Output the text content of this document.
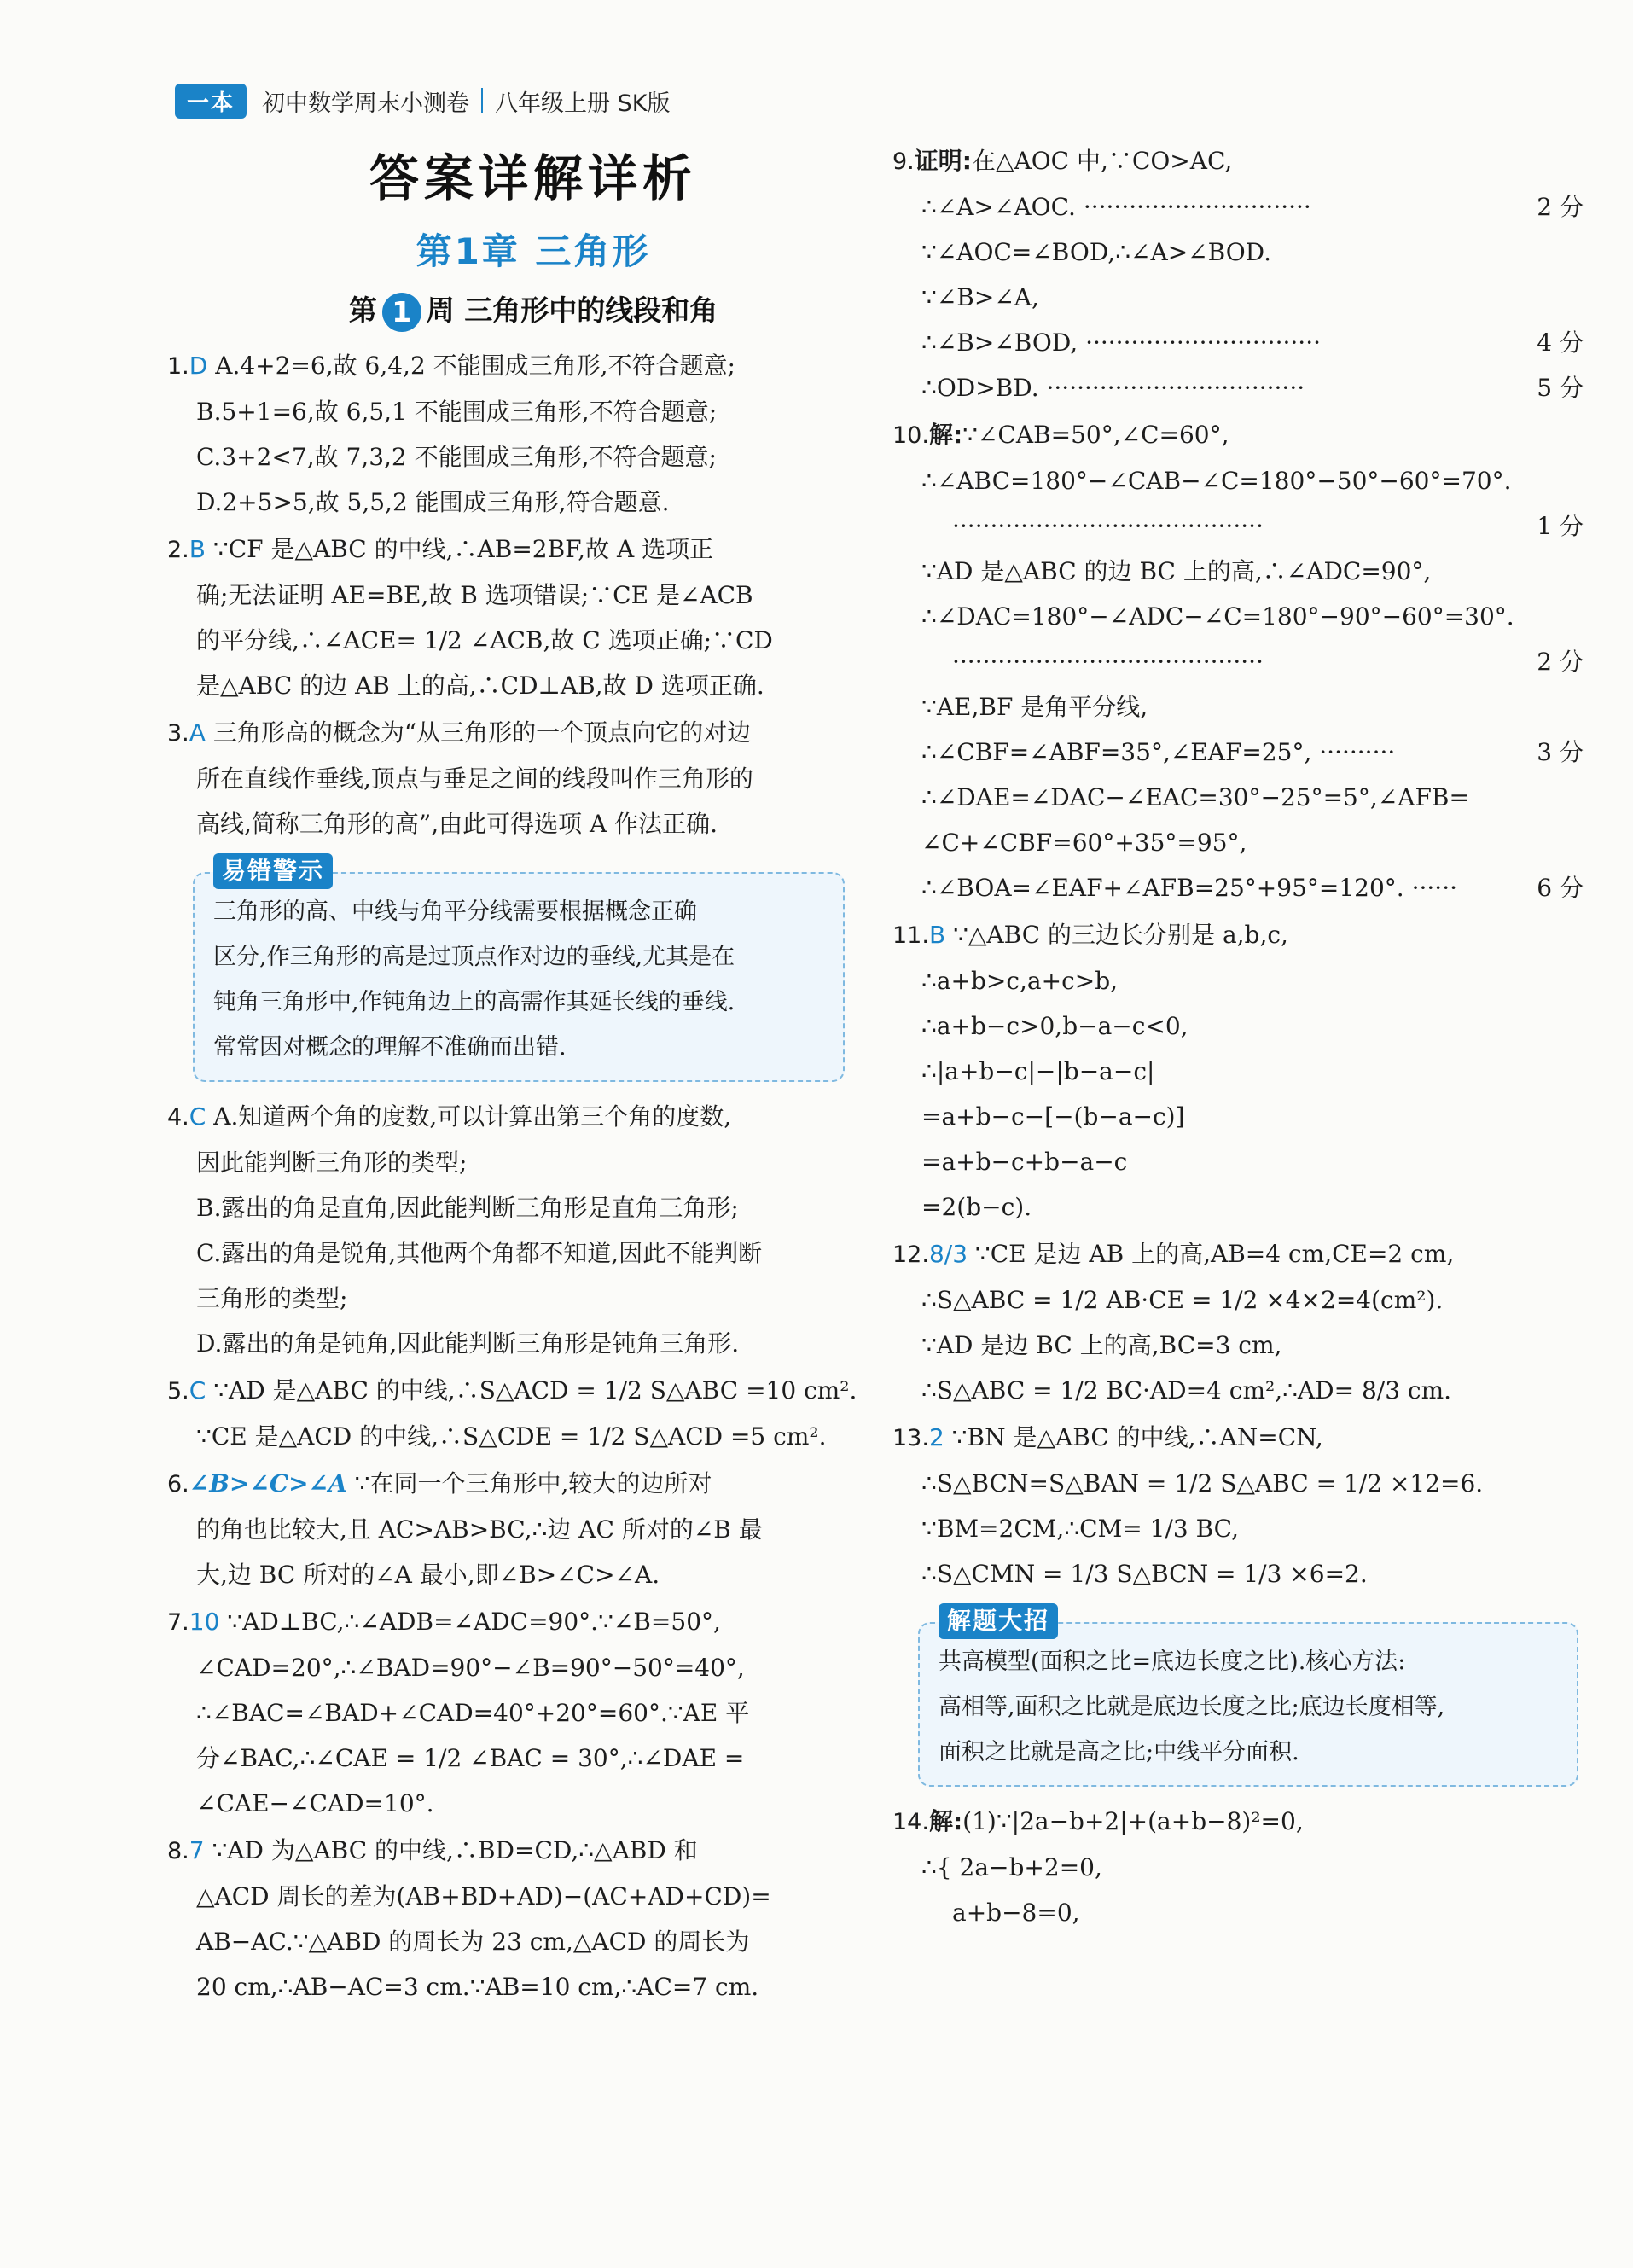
一本	初中数学周末小测卷 八年级上册 SK版
答案详解详析
第1章 三角形
第 1 周 三角形中的线段和角
1.D A.4+2=6,故 6,4,2 不能围成三角形,不符合题意;
B.5+1=6,故 6,5,1 不能围成三角形,不符合题意;
C.3+2<7,故 7,3,2 不能围成三角形,不符合题意;
D.2+5>5,故 5,5,2 能围成三角形,符合题意.
2.B ∵CF 是△ABC 的中线,∴AB=2BF,故 A 选项正
确;无法证明 AE=BE,故 B 选项错误;∵CE 是∠ACB
的平分线,∴∠ACE= 1/2 ∠ACB,故 C 选项正确;∵CD
是△ABC 的边 AB 上的高,∴CD⊥AB,故 D 选项正确.
3.A 三角形高的概念为“从三角形的一个顶点向它的对边
所在直线作垂线,顶点与垂足之间的线段叫作三角形的
高线,简称三角形的高”,由此可得选项 A 作法正确.
易错警示
三角形的高、中线与角平分线需要根据概念正确
区分,作三角形的高是过顶点作对边的垂线,尤其是在
钝角三角形中,作钝角边上的高需作其延长线的垂线.
常常因对概念的理解不准确而出错.
4.C A.知道两个角的度数,可以计算出第三个角的度数,
因此能判断三角形的类型;
B.露出的角是直角,因此能判断三角形是直角三角形;
C.露出的角是锐角,其他两个角都不知道,因此不能判断
三角形的类型;
D.露出的角是钝角,因此能判断三角形是钝角三角形.
5.C ∵AD 是△ABC 的中线,∴S△ACD = 1/2 S△ABC =10 cm².
∵CE 是△ACD 的中线,∴S△CDE = 1/2 S△ACD =5 cm².
6.∠B>∠C>∠A ∵在同一个三角形中,较大的边所对
的角也比较大,且 AC>AB>BC,∴边 AC 所对的∠B 最
大,边 BC 所对的∠A 最小,即∠B>∠C>∠A.
7.10 ∵AD⊥BC,∴∠ADB=∠ADC=90°.∵∠B=50°,
∠CAD=20°,∴∠BAD=90°−∠B=90°−50°=40°,
∴∠BAC=∠BAD+∠CAD=40°+20°=60°.∵AE 平
分∠BAC,∴∠CAE = 1/2 ∠BAC = 30°,∴∠DAE =
∠CAE−∠CAD=10°.
8.7 ∵AD 为△ABC 的中线,∴BD=CD,∴△ABD 和
△ACD 周长的差为(AB+BD+AD)−(AC+AD+CD)=
AB−AC.∵△ABD 的周长为 23 cm,△ACD 的周长为
20 cm,∴AB−AC=3 cm.∵AB=10 cm,∴AC=7 cm.
9.证明:在△AOC 中,∵CO>AC,
∴∠A>∠AOC. ······························	2 分
∵∠AOC=∠BOD,∴∠A>∠BOD.
∵∠B>∠A,
∴∠B>∠BOD, ·······························	4 分
∴OD>BD. ··································	5 分
10.解:∵∠CAB=50°,∠C=60°,
∴∠ABC=180°−∠CAB−∠C=180°−50°−60°=70°.
·········································	1 分
∵AD 是△ABC 的边 BC 上的高,∴∠ADC=90°,
∴∠DAC=180°−∠ADC−∠C=180°−90°−60°=30°.
·········································	2 分
∵AE,BF 是角平分线,
∴∠CBF=∠ABF=35°,∠EAF=25°, ··········	3 分
∴∠DAE=∠DAC−∠EAC=30°−25°=5°,∠AFB=
∠C+∠CBF=60°+35°=95°,
∴∠BOA=∠EAF+∠AFB=25°+95°=120°. ······	6 分
11.B ∵△ABC 的三边长分别是 a,b,c,
∴a+b>c,a+c>b,
∴a+b−c>0,b−a−c<0,
∴|a+b−c|−|b−a−c|
=a+b−c−[−(b−a−c)]
=a+b−c+b−a−c
=2(b−c).
12.8/3 ∵CE 是边 AB 上的高,AB=4 cm,CE=2 cm,
∴S△ABC = 1/2 AB·CE = 1/2 ×4×2=4(cm²).
∵AD 是边 BC 上的高,BC=3 cm,
∴S△ABC = 1/2 BC·AD=4 cm²,∴AD= 8/3 cm.
13.2 ∵BN 是△ABC 的中线,∴AN=CN,
∴S△BCN=S△BAN = 1/2 S△ABC = 1/2 ×12=6.
∵BM=2CM,∴CM= 1/3 BC,
∴S△CMN = 1/3 S△BCN = 1/3 ×6=2.
解题大招
共高模型(面积之比=底边长度之比).核心方法:
高相等,面积之比就是底边长度之比;底边长度相等,
面积之比就是高之比;中线平分面积.
14.解:(1)∵|2a−b+2|+(a+b−8)²=0,
∴{ 2a−b+2=0,
a+b−8=0,
